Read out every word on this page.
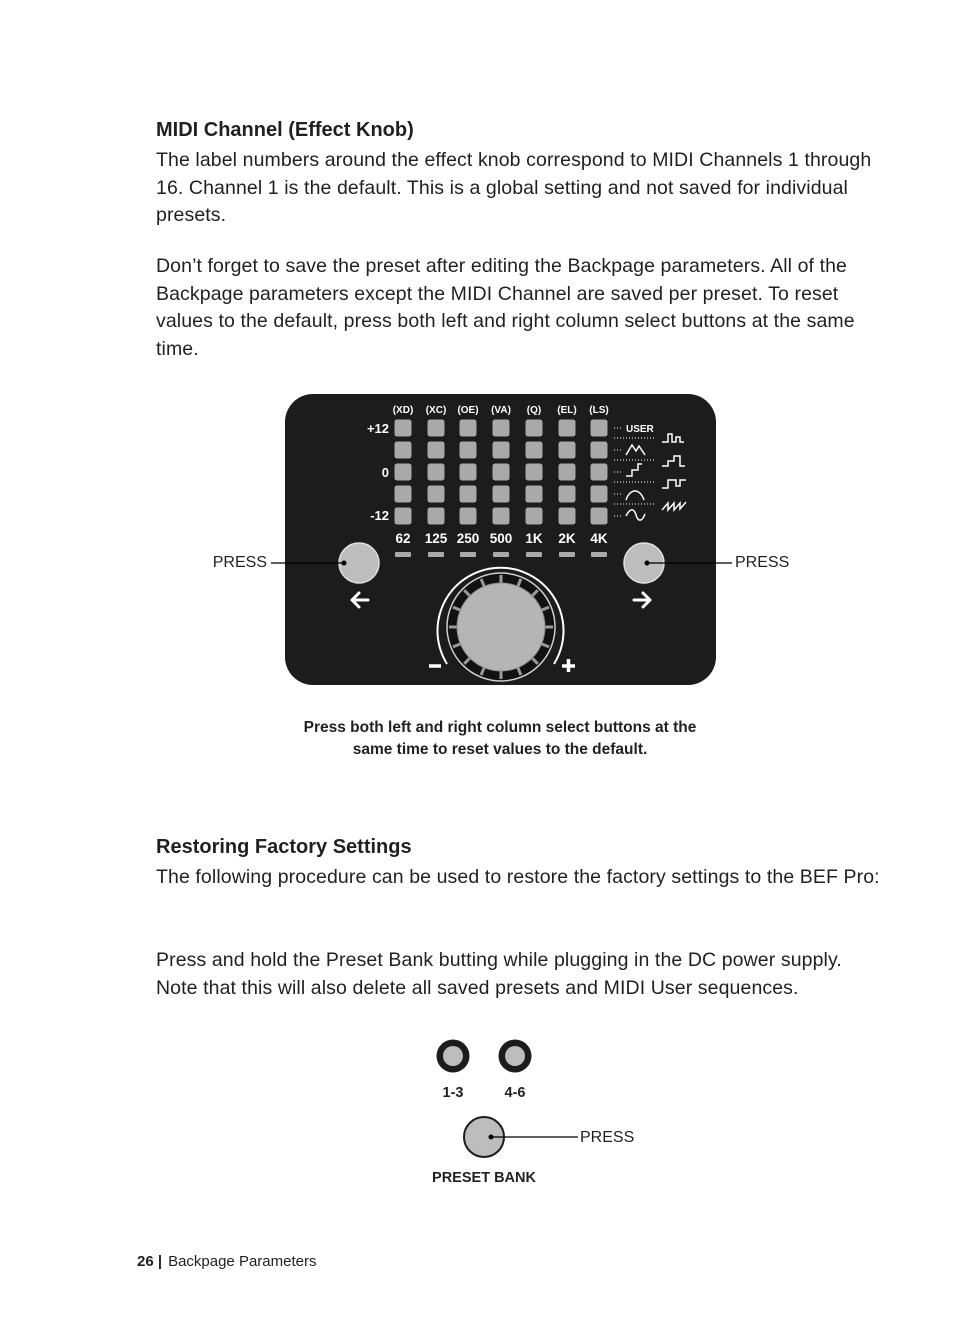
MIDI Channel (Effect Knob)

The label numbers around the effect knob correspond to MIDI Channels 1 through 16. Channel 1 is the default. This is a global setting and not saved for individual presets.

Don’t forget to save the preset after editing the Backpage parameters. All of the Backpage parameters except the MIDI Channel are saved per preset. To reset values to the default, press both left and right column select buttons at the same time.

(XD) (XC) (OE) (VA) (Q) (EL) (LS)
+12
0
-12
62 125 250 500 1K 2K 4K
USER
PRESS	PRESS

Press both left and right column select buttons at the same time to reset values to the default.

Restoring Factory Settings

The following procedure can be used to restore the factory settings to the BEF Pro:

Press and hold the Preset Bank butting while plugging in the DC power supply. Note that this will also delete all saved presets and MIDI User sequences.

1-3	4-6
PRESS
PRESET BANK
26 | Backpage Parameters
